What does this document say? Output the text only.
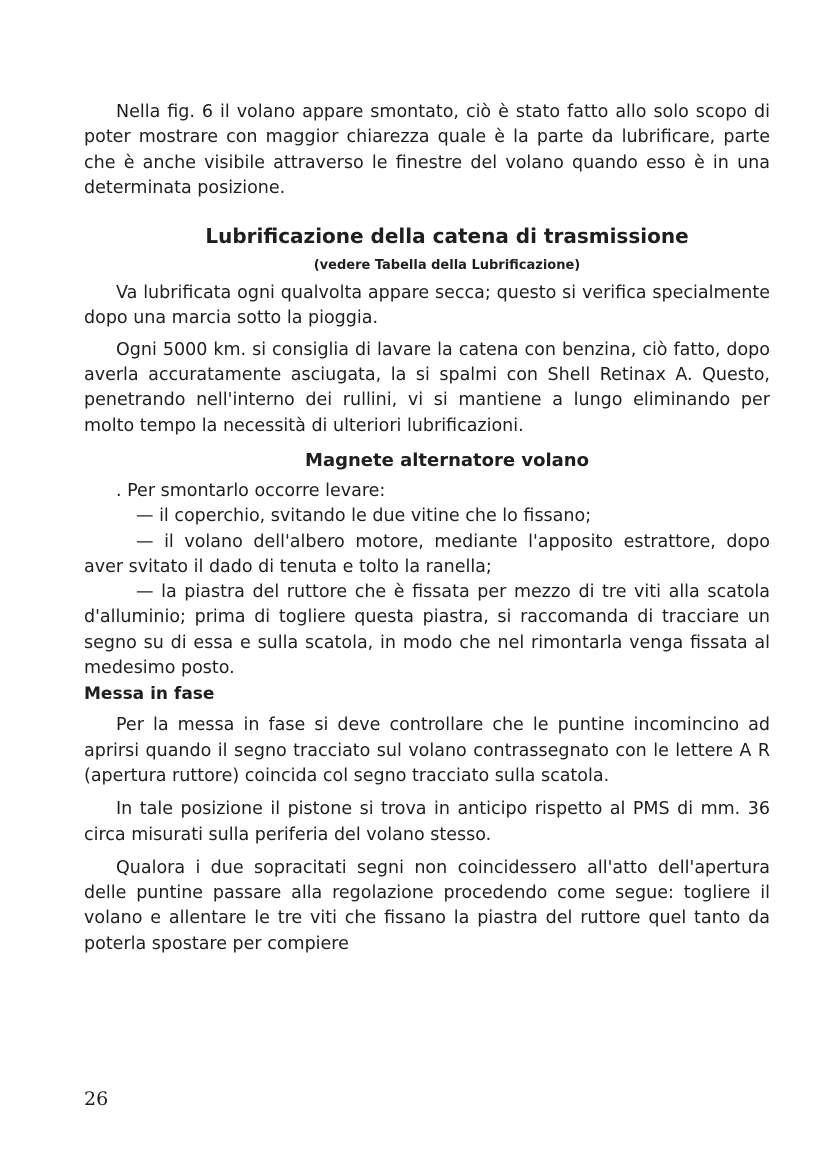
Nella fig. 6 il volano appare smontato, ciò è stato fatto allo solo scopo di poter mostrare con maggior chiarezza quale è la parte da lubrificare, parte che è anche visibile attraverso le finestre del volano quando esso è in una determinata posizione.

Lubrificazione della catena di trasmissione
(vedere Tabella della Lubrificazione)

Va lubrificata ogni qualvolta appare secca; questo si verifica specialmente dopo una marcia sotto la pioggia.

Ogni 5000 km. si consiglia di lavare la catena con benzina, ciò fatto, dopo averla accuratamente asciugata, la si spalmi con Shell Retinax A. Questo, penetrando nell'interno dei rullini, vi si mantiene a lungo eliminando per molto tempo la necessità di ulteriori lubrificazioni.

Magnete alternatore volano

. Per smontarlo occorre levare:

— il coperchio, svitando le due vitine che lo fissano;

— il volano dell'albero motore, mediante l'apposito estrattore, dopo aver svitato il dado di tenuta e tolto la ranella;

— la piastra del ruttore che è fissata per mezzo di tre viti alla scatola d'alluminio; prima di togliere questa piastra, si raccomanda di tracciare un segno su di essa e sulla scatola, in modo che nel rimontarla venga fissata al medesimo posto.

Messa in fase

Per la messa in fase si deve controllare che le puntine incomincino ad aprirsi quando il segno tracciato sul volano contrassegnato con le lettere A R (apertura ruttore) coincida col segno tracciato sulla scatola.

In tale posizione il pistone si trova in anticipo rispetto al PMS di mm. 36 circa misurati sulla periferia del volano stesso.

Qualora i due sopracitati segni non coincidessero all'atto dell'apertura delle puntine passare alla regolazione procedendo come segue: togliere il volano e allentare le tre viti che fissano la piastra del ruttore quel tanto da poterla spostare per compiere

26
